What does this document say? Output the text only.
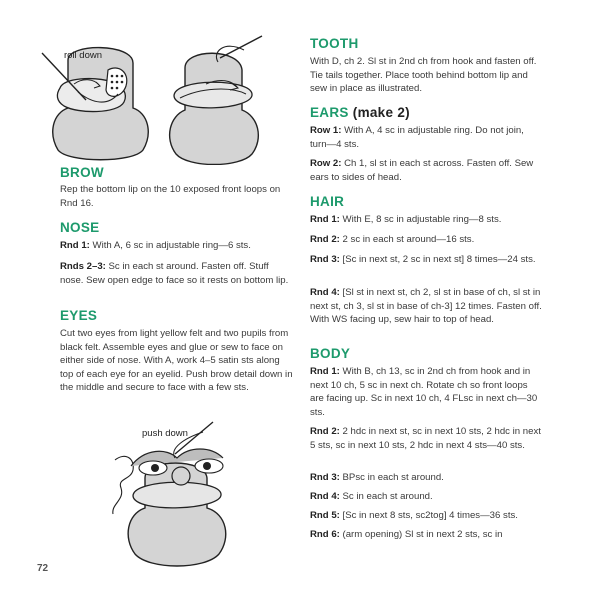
roll down
BROW

Rep the bottom lip on the 10 exposed front loops on Rnd 16.

NOSE

Rnd 1: With A, 6 sc in adjustable ring—6 sts.

Rnds 2–3: Sc in each st around. Fasten off. Stuff nose. Sew open edge to face so it rests on bottom lip.

EYES

Cut two eyes from light yellow felt and two pupils from black felt. Assemble eyes and glue or sew to face on either side of nose. With A, work 4–5 satin sts along top of each eye for an eyelid. Push brow detail down in the middle and secure to face with a few sts.

push down
72
TOOTH

With D, ch 2. Sl st in 2nd ch from hook and fasten off. Tie tails together. Place tooth behind bottom lip and sew in place as illustrated.

EARS (make 2)

Row 1: With A, 4 sc in adjustable ring. Do not join, turn—4 sts.

Row 2: Ch 1, sl st in each st across. Fasten off. Sew ears to sides of head.

HAIR

Rnd 1: With E, 8 sc in adjustable ring—8 sts.

Rnd 2: 2 sc in each st around—16 sts.

Rnd 3: [Sc in next st, 2 sc in next st] 8 times—24 sts.

Rnd 4: [Sl st in next st, ch 2, sl st in base of ch, sl st in next st, ch 3, sl st in base of ch-3] 12 times. Fasten off. With WS facing up, sew hair to top of head.

BODY

Rnd 1: With B, ch 13, sc in 2nd ch from hook and in next 10 ch, 5 sc in next ch. Rotate ch so front loops are facing up. Sc in next 10 ch, 4 FLsc in next ch—30 sts.

Rnd 2: 2 hdc in next st, sc in next 10 sts, 2 hdc in next 5 sts, sc in next 10 sts, 2 hdc in next 4 sts—40 sts.

Rnd 3: BPsc in each st around.

Rnd 4: Sc in each st around.

Rnd 5: [Sc in next 8 sts, sc2tog] 4 times—36 sts.

Rnd 6: (arm opening) Sl st in next 2 sts, sc in
